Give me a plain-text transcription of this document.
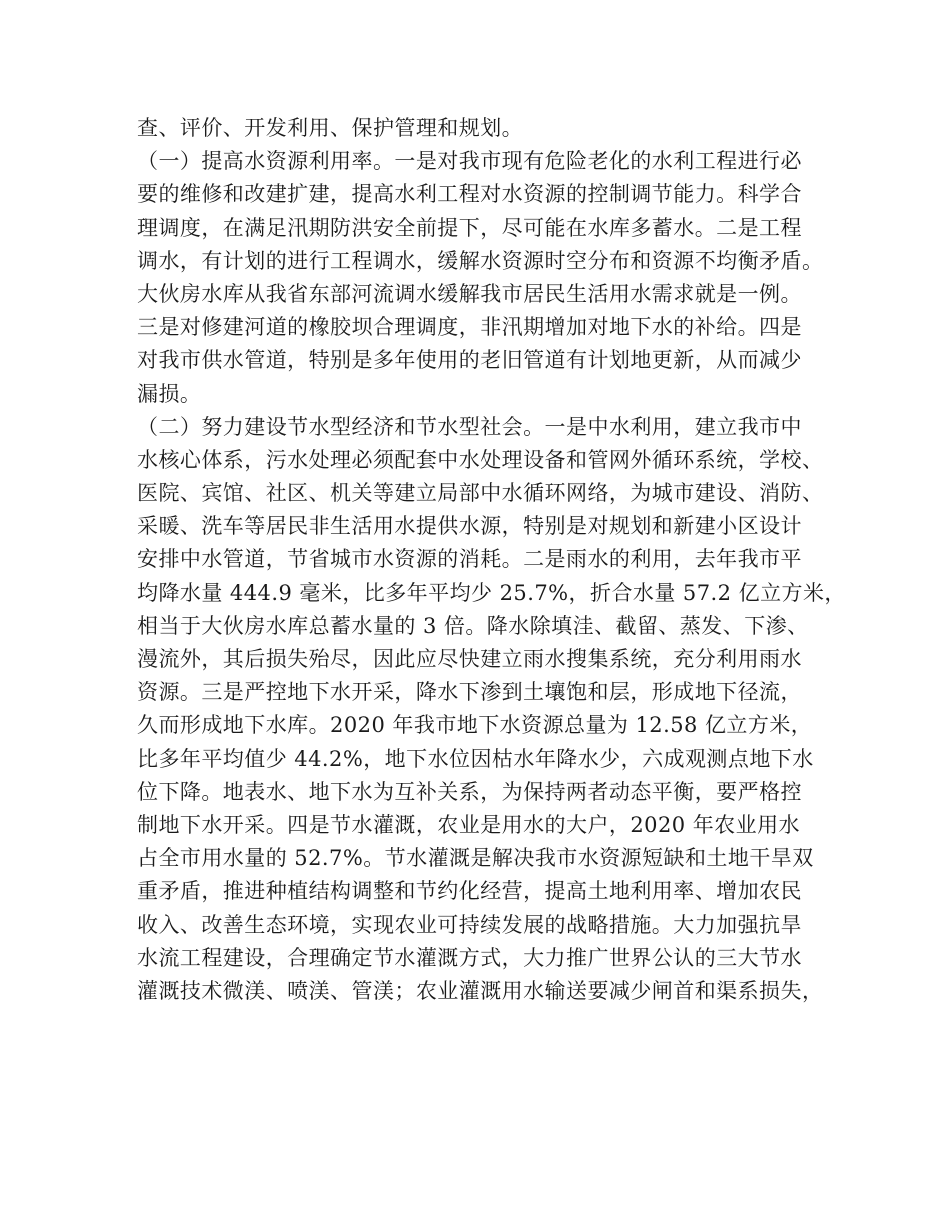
查、评价、开发利用、保护管理和规划。
（一）提高水资源利用率。一是对我市现有危险老化的水利工程进行必
要的维修和改建扩建，提高水利工程对水资源的控制调节能力。科学合
理调度，在满足汛期防洪安全前提下，尽可能在水库多蓄水。二是工程
调水，有计划的进行工程调水，缓解水资源时空分布和资源不均衡矛盾。
大伙房水库从我省东部河流调水缓解我市居民生活用水需求就是一例。
三是对修建河道的橡胶坝合理调度，非汛期增加对地下水的补给。四是
对我市供水管道，特别是多年使用的老旧管道有计划地更新，从而减少
漏损。
（二）努力建设节水型经济和节水型社会。一是中水利用，建立我市中
水核心体系，污水处理必须配套中水处理设备和管网外循环系统，学校、
医院、宾馆、社区、机关等建立局部中水循环网络，为城市建设、消防、
采暖、洗车等居民非生活用水提供水源，特别是对规划和新建小区设计
安排中水管道，节省城市水资源的消耗。二是雨水的利用，去年我市平
均降水量 444.9 毫米，比多年平均少 25.7%，折合水量 57.2 亿立方米，
相当于大伙房水库总蓄水量的 3 倍。降水除填洼、截留、蒸发、下渗、
漫流外，其后损失殆尽，因此应尽快建立雨水搜集系统，充分利用雨水
资源。三是严控地下水开采，降水下渗到土壤饱和层，形成地下径流，
久而形成地下水库。2020 年我市地下水资源总量为 12.58 亿立方米，
比多年平均值少 44.2%，地下水位因枯水年降水少，六成观测点地下水
位下降。地表水、地下水为互补关系，为保持两者动态平衡，要严格控
制地下水开采。四是节水灌溉，农业是用水的大户，2020 年农业用水
占全市用水量的 52.7%。节水灌溉是解决我市水资源短缺和土地干旱双
重矛盾，推进种植结构调整和节约化经营，提高土地利用率、增加农民
收入、改善生态环境，实现农业可持续发展的战略措施。大力加强抗旱
水流工程建设，合理确定节水灌溉方式，大力推广世界公认的三大节水
灌溉技术微渼、喷渼、管渼；农业灌溉用水输送要减少闸首和渠系损失，
